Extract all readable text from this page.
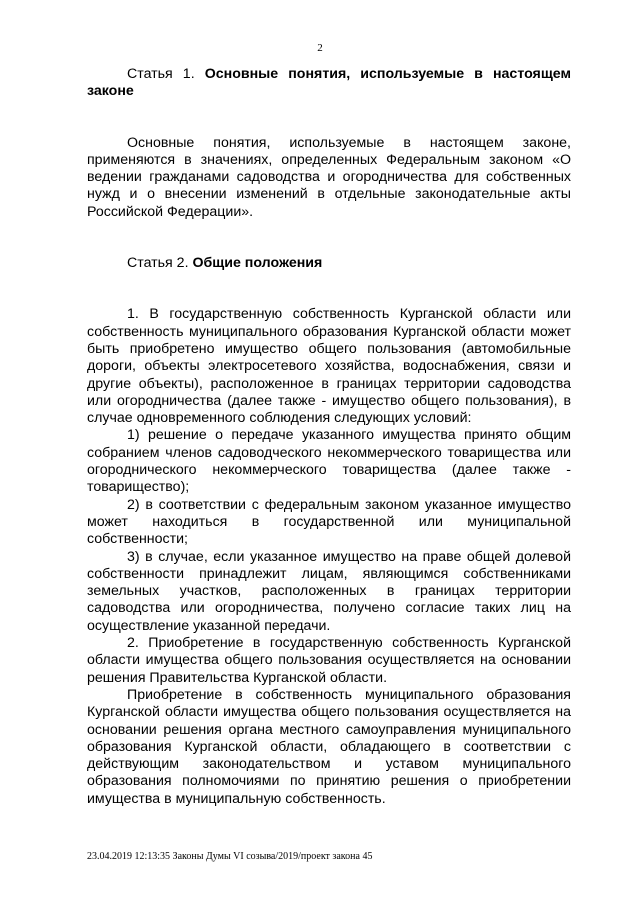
2

Статья 1. Основные понятия, используемые в настоящем законе

Основные понятия, используемые в настоящем законе, применяются в значениях, определенных Федеральным законом «О ведении гражданами садоводства и огородничества для собственных нужд и о внесении изменений в отдельные законодательные акты Российской Федерации».

Статья 2. Общие положения

1. В государственную собственность Курганской области или собственность муниципального образования Курганской области может быть приобретено имущество общего пользования (автомобильные дороги, объекты электросетевого хозяйства, водоснабжения, связи и другие объекты), расположенное в границах территории садоводства или огородничества (далее также - имущество общего пользования), в случае одновременного соблюдения следующих условий:

1) решение о передаче указанного имущества принято общим собранием членов садоводческого некоммерческого товарищества или огороднического некоммерческого товарищества (далее также - товарищество);

2) в соответствии с федеральным законом указанное имущество может находиться в государственной или муниципальной собственности;

3) в случае, если указанное имущество на праве общей долевой собственности принадлежит лицам, являющимся собственниками земельных участков, расположенных в границах территории садоводства или огородничества, получено согласие таких лиц на осуществление указанной передачи.

2. Приобретение в государственную собственность Курганской области имущества общего пользования осуществляется на основании решения Правительства Курганской области.

Приобретение в собственность муниципального образования Курганской области имущества общего пользования осуществляется на основании решения органа местного самоуправления муниципального образования Курганской области, обладающего в соответствии с действующим законодательством и уставом муниципального образования полномочиями по принятию решения о приобретении имущества в муниципальную собственность.

23.04.2019 12:13:35 Законы Думы VI созыва/2019/проект закона 45
